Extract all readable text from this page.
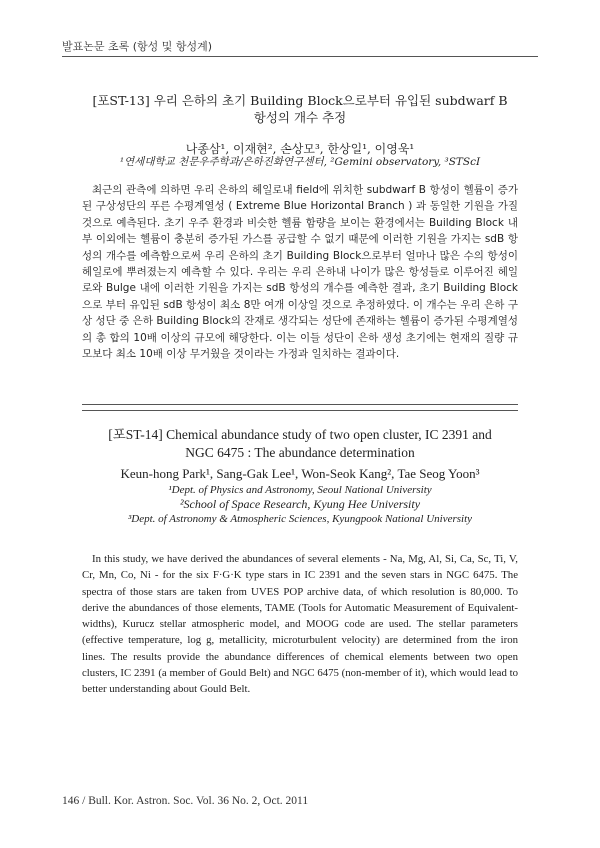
발표논문 초록 (항성 및 항성계)
[포ST-13] 우리 은하의 초기 Building Block으로부터 유입된 subdwarf B
항성의 개수 추정
나종삼¹, 이재현², 손상모³, 한상일¹, 이영욱¹
¹연세대학교 천문우주학과/은하진화연구센터, ²Gemini observatory, ³STScI

최근의 관측에 의하면 우리 은하의 헤일로내 field에 위치한 subdwarf B 항성이 헬륨이 증가된 구상성단의 푸른 수평계열성 ( Extreme Blue Horizontal Branch ) 과 동일한 기원을 가질 것으로 예측된다. 초기 우주 환경과 비슷한 헬륨 함량을 보이는 환경에서는 Building Block 내부 이외에는 헬륨이 충분히 증가된 가스를 공급할 수 없기 때문에 이러한 기원을 가지는 sdB 항성의 개수를 예측함으로써 우리 은하의 초기 Building Block으로부터 얼마나 많은 수의 항성이 헤일로에 뿌려졌는지 예측할 수 있다. 우리는 우리 은하내 나이가 많은 항성들로 이루어진 헤일로와 Bulge 내에 이러한 기원을 가지는 sdB 항성의 개수를 예측한 결과, 초기 Building Block으로 부터 유입된 sdB 항성이 최소 8만 여개 이상일 것으로 추정하였다. 이 개수는 우리 은하 구상 성단 중 은하 Building Block의 잔재로 생각되는 성단에 존재하는 헬륨이 증가된 수평계열성의 총 합의 10배 이상의 규모에 해당한다. 이는 이들 성단이 은하 생성 초기에는 현재의 질량 규모보다 최소 10배 이상 무거웠을 것이라는 가정과 일치하는 결과이다.

[포ST-14] Chemical abundance study of two open cluster, IC 2391 and
NGC 6475 : The abundance determination
Keun-hong Park¹, Sang-Gak Lee¹, Won-Seok Kang², Tae Seog Yoon³
¹Dept. of Physics and Astronomy, Seoul National University
²School of Space Research, Kyung Hee University
³Dept. of Astronomy & Atmospheric Sciences, Kyungpook National University

In this study, we have derived the abundances of several elements - Na, Mg, Al, Si, Ca, Sc, Ti, V, Cr, Mn, Co, Ni - for the six F·G·K type stars in IC 2391 and the seven stars in NGC 6475. The spectra of those stars are taken from UVES POP archive data, of which resolution is 80,000. To derive the abundances of those elements, TAME (Tools for Automatic Measurement of Equivalent-widths), Kurucz stellar atmospheric model, and MOOG code are used. The stellar parameters (effective temperature, log g, metallicity, microturbulent velocity) are determined from the iron lines. The results provide the abundance differences of chemical elements between two open clusters, IC 2391 (a member of Gould Belt) and NGC 6475 (non-member of it), which would lead to better understanding about Gould Belt.

146 / Bull. Kor. Astron. Soc. Vol. 36 No. 2, Oct. 2011
